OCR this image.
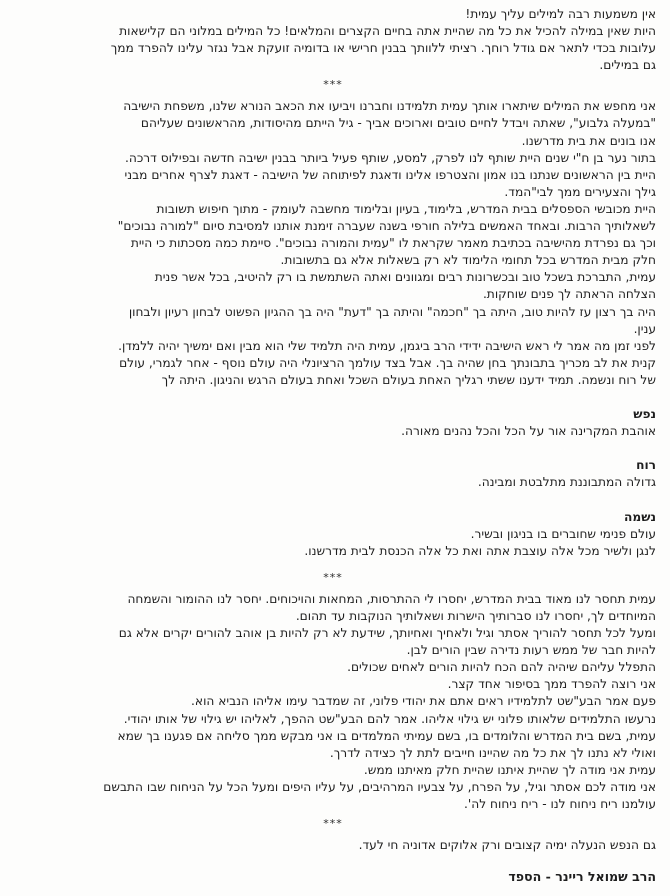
אין משמעות רבה למילים עליך עמית!
היות שאין במילה להכיל את כל מה שהיית אתה בחיים הקצרים והמלאים! כל המילים במלוני הם קלישאות
עלובות בכדי לתאר אם גודל רוחך. רציתי ללוותך בבנין חרישי או בדומיה זועקת אבל נגזר עלינו להפרד ממך
גם במילים.

***

אני מחפש את המילים שיתארו אותך עמית תלמידנו וחברנו ויביעו את הכאב הנורא שלנו, משפחת הישיבה
"במעלה גלבוע", שאתה ויבדל לחיים טובים וארוכים אביך - גיל הייתם מהיסודות, מהראשונים שעליהם
אנו בונים את בית מדרשנו.

בתור נער בן ח"י שנים היית שותף לנו לפרק, למסע, שותף פעיל ביותר בבנין ישיבה חדשה ובפילוס דרכה.
היית בין הראשונים שנתנו בנו אמון והצטרפו אלינו ודאגת לפיתוחה של הישיבה - דאגת לצרף אחרים מבני
גילך והצעירים ממך לבי"המד.

היית מכובשי הספסלים בבית המדרש, בלימוד, בעיון ובלימוד מחשבה לעומק - מתוך חיפוש תשובות
לשאלותיך הרבות. ובאחד האמשים בלילה חורפי בשנה שעברה זימנת אותנו למסיבת סיום "למורה נבוכים"
וכך גם נפרדת מהישיבה בכתיבת מאמר שקראת לו "עמית והמורה נבוכים". סיימת כמה מסכתות כי היית
חלק מבית המדרש בכל תחומי הלימוד לא רק בשאלות אלא גם בתשובות.

עמית, התברכת בשכל טוב ובכשרונות רבים ומגוונים ואתה השתמשת בו רק להיטיב, בכל אשר פנית
הצלחה הראתה לך פנים שוחקות.

היה בך רצון עז להיות טוב, היתה בך "חכמה" והיתה בך "דעת" היה בך ההגיון הפשוט לבחון רעיון ולבחון
ענין.

לפני זמן מה אמר לי ראש הישיבה ידידי הרב ביגמן, עמית היה תלמיד שלי הוא מבין ואם ימשיך יהיה ללמדן.
קנית את לב מכריך בתבונתך בחן שהיה בך. אבל בצד עולמך הרציונלי היה עולם נוסף - אחר לגמרי, עולם
של רוח ונשמה. תמיד ידענו ששתי רגליך האחת בעולם השכל ואחת בעולם הרגש והניגון. היתה לך

נפש
אוהבת המקרינה אור על הכל והכל נהנים מאורה.

רוח
גדולה המתבוננת מתלבטת ומבינה.

נשמה
עולם פנימי שחוברים בו בניגון ובשיר.

לנגן ולשיר מכל אלה עוצבת אתה ואת כל אלה הכנסת לבית מדרשנו.

***

עמית תחסר לנו מאוד בבית המדרש, יחסרו לי ההתרסות, המחאות והויכוחים. יחסר לנו ההומור והשמחה
המיוחדים לך, יחסרו לנו סברותיך הישרות ושאלותיך הנוקבות עד תהום.

ומעל לכל תחסר להוריך אסתר וגיל ולאחיך ואחיותך, שידעת לא רק להיות בן אוהב להורים יקרים אלא גם
להיות חבר של ממש רעות נדירה שבין הורים לבן.

התפלל עליהם שיהיה להם הכח להיות הורים לאחים שכולים.

אני רוצה להפרד ממך בסיפור אחד קצר.

פעם אמר הבע"שט לתלמידיו ראים אתם את יהודי פלוני, זה שמדבר עימו אליהו הנביא הוא.

נרעשו התלמידים שלאותו פלוני יש גילוי אליהו. אמר להם הבע"שט ההפך, לאליהו יש גילוי של אותו יהודי.

עמית, בשם בית המדרש והלומדים בו, בשם עמיתי המלמדים בו אני מבקש ממך סליחה אם פגענו בך שמא
ואולי לא נתנו לך את כל מה שהיינו חייבים לתת לך כצידה לדרך.

עמית אני מודה לך שהיית איתנו שהיית חלק מאיתנו ממש.

אני מודה לכם אסתר וגיל, על הפרח, על צבעיו המרהיבים, על עליו היפים ומעל הכל על הניחוח שבו התבשם
עולמנו ריח ניחוח לנו - ריח ניחוח לה'.

***

גם הנפש הנעלה ימיה קצובים ורק אלוקים אדוניה חי לעד.

הרב שמואל ריינר - הספד
